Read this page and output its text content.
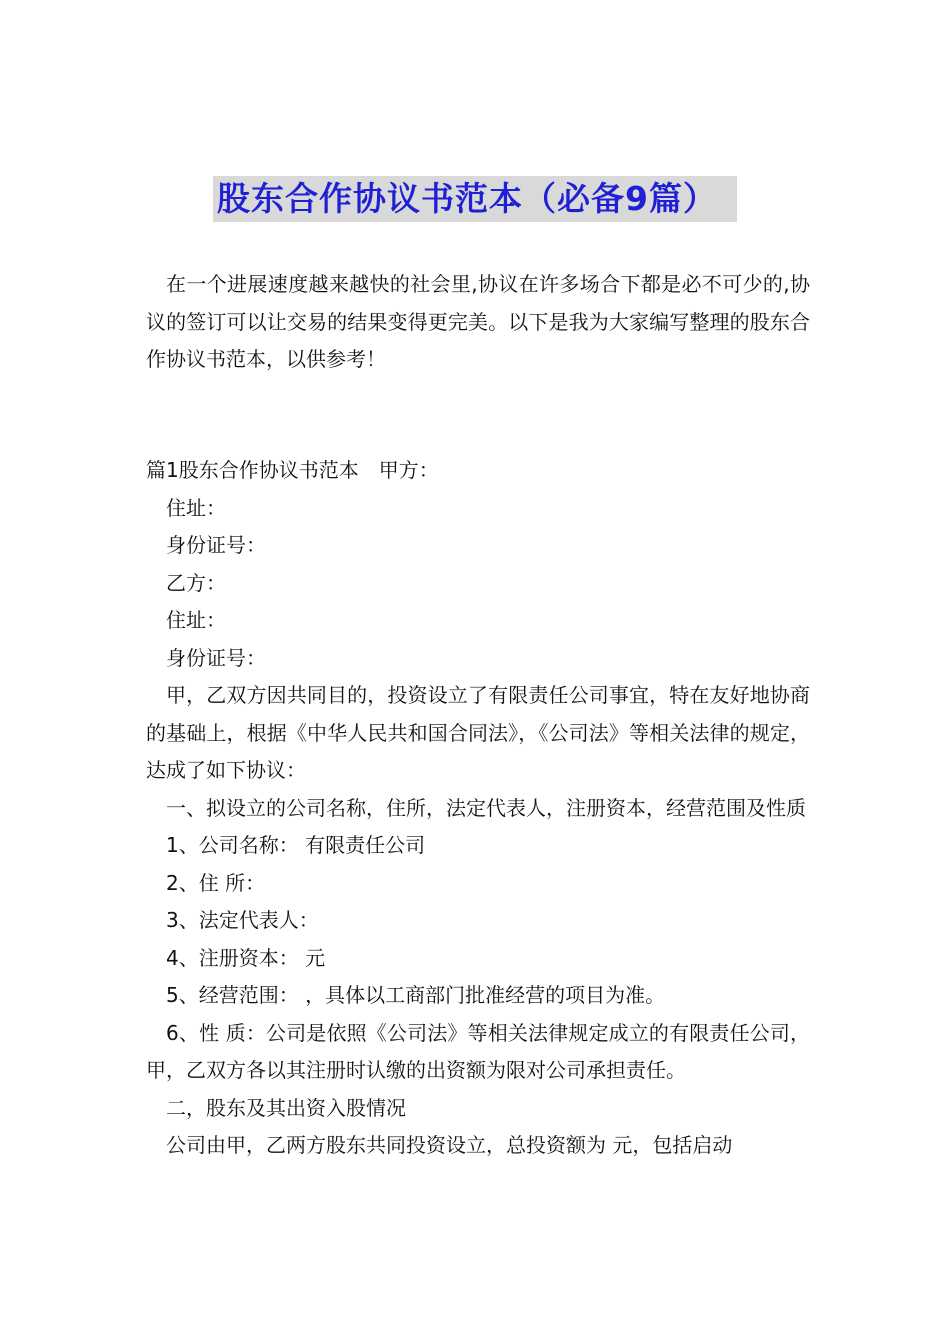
股东合作协议书范本（必备9篇）

在一个进展速度越来越快的社会里,协议在许多场合下都是必不可少的,协议的签订可以让交易的结果变得更完美。以下是我为大家编写整理的股东合作协议书范本，以供参考！

篇1股东合作协议书范本　甲方：

住址：

身份证号：

乙方：

住址：

身份证号：

甲，乙双方因共同目的，投资设立了有限责任公司事宜，特在友好地协商的基础上，根据《中华人民共和国合同法》，《公司法》等相关法律的规定，达成了如下协议：

一、拟设立的公司名称，住所，法定代表人，注册资本，经营范围及性质

1、公司名称： 有限责任公司

2、住 所：

3、法定代表人：

4、注册资本： 元

5、经营范围： ，具体以工商部门批准经营的项目为准。

6、性 质：公司是依照《公司法》等相关法律规定成立的有限责任公司，甲，乙双方各以其注册时认缴的出资额为限对公司承担责任。

二，股东及其出资入股情况

公司由甲，乙两方股东共同投资设立，总投资额为 元，包括启动
